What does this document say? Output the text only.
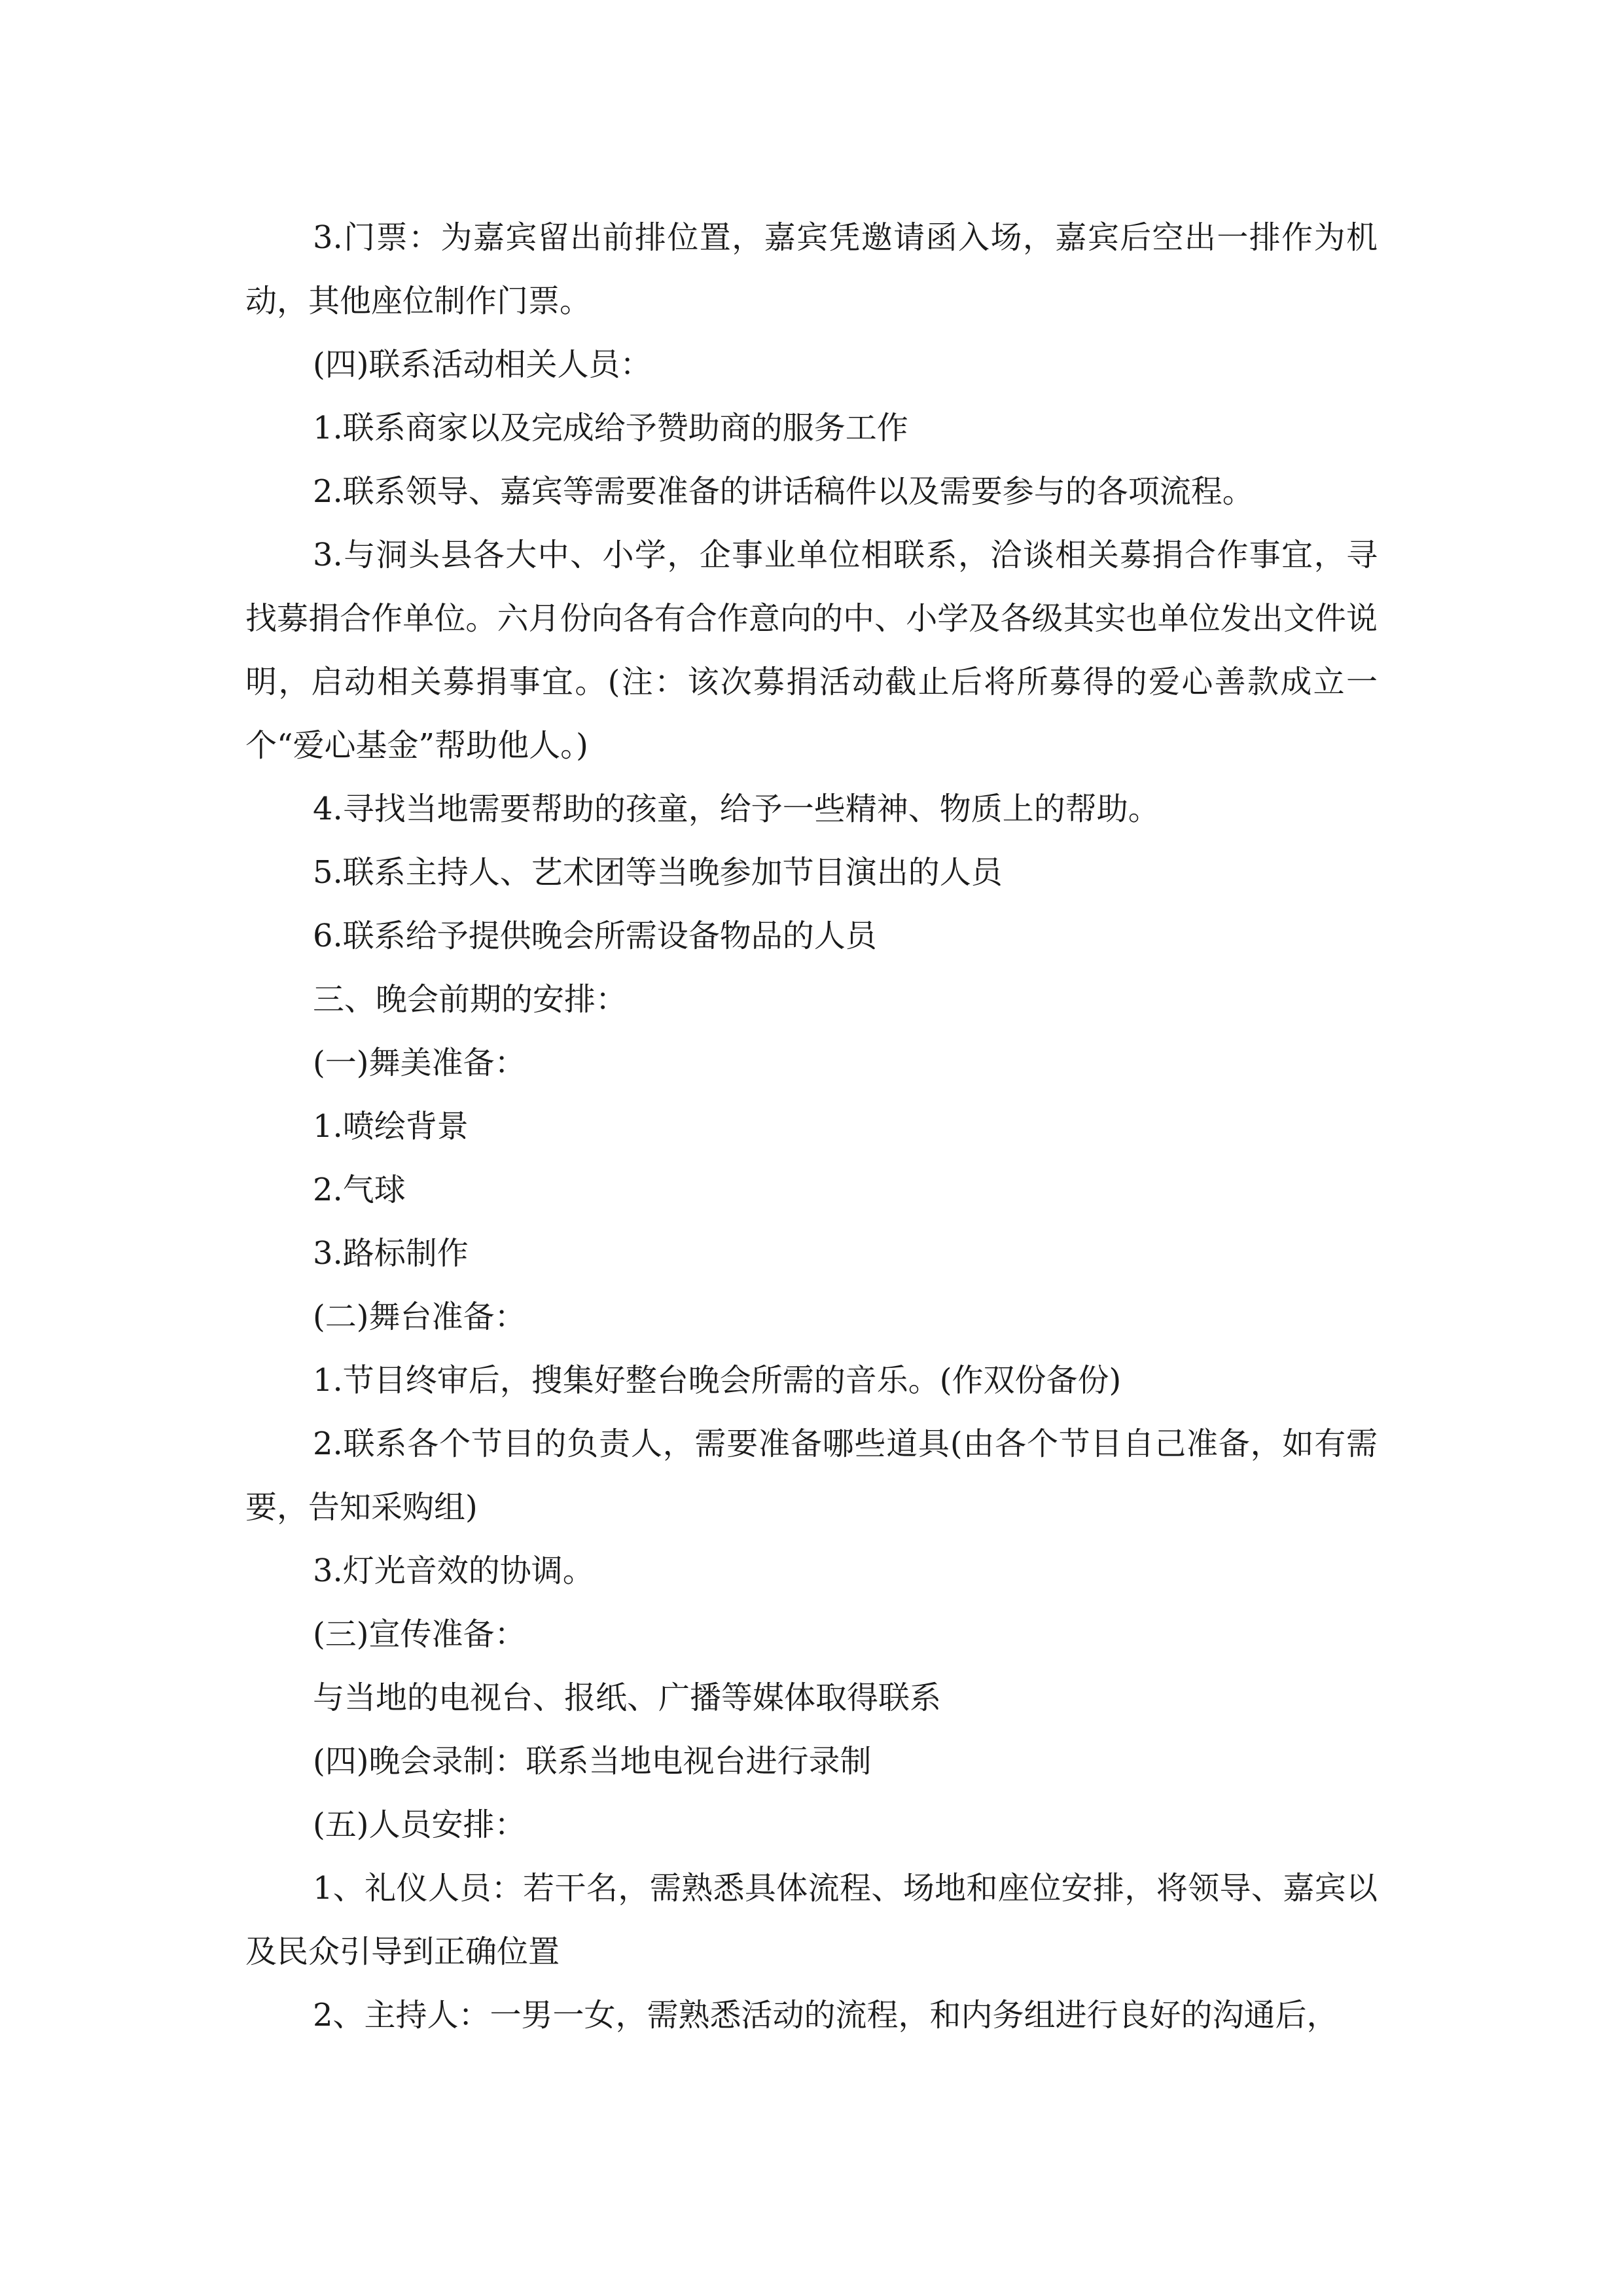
3.门票：为嘉宾留出前排位置，嘉宾凭邀请函入场，嘉宾后空出一排作为机动，其他座位制作门票。

(四)联系活动相关人员：

1.联系商家以及完成给予赞助商的服务工作

2.联系领导、嘉宾等需要准备的讲话稿件以及需要参与的各项流程。

3.与洞头县各大中、小学，企事业单位相联系，洽谈相关募捐合作事宜，寻找募捐合作单位。六月份向各有合作意向的中、小学及各级其实也单位发出文件说明，启动相关募捐事宜。(注：该次募捐活动截止后将所募得的爱心善款成立一个“爱心基金”帮助他人。)

4.寻找当地需要帮助的孩童，给予一些精神、物质上的帮助。

5.联系主持人、艺术团等当晚参加节目演出的人员

6.联系给予提供晚会所需设备物品的人员

三、晚会前期的安排：

(一)舞美准备：

1.喷绘背景

2.气球

3.路标制作

(二)舞台准备：

1.节目终审后，搜集好整台晚会所需的音乐。(作双份备份)

2.联系各个节目的负责人，需要准备哪些道具(由各个节目自己准备，如有需要，告知采购组)

3.灯光音效的协调。

(三)宣传准备：

与当地的电视台、报纸、广播等媒体取得联系

(四)晚会录制：联系当地电视台进行录制

(五)人员安排：

1、礼仪人员：若干名，需熟悉具体流程、场地和座位安排，将领导、嘉宾以及民众引导到正确位置

2、主持人：一男一女，需熟悉活动的流程，和内务组进行良好的沟通后，
